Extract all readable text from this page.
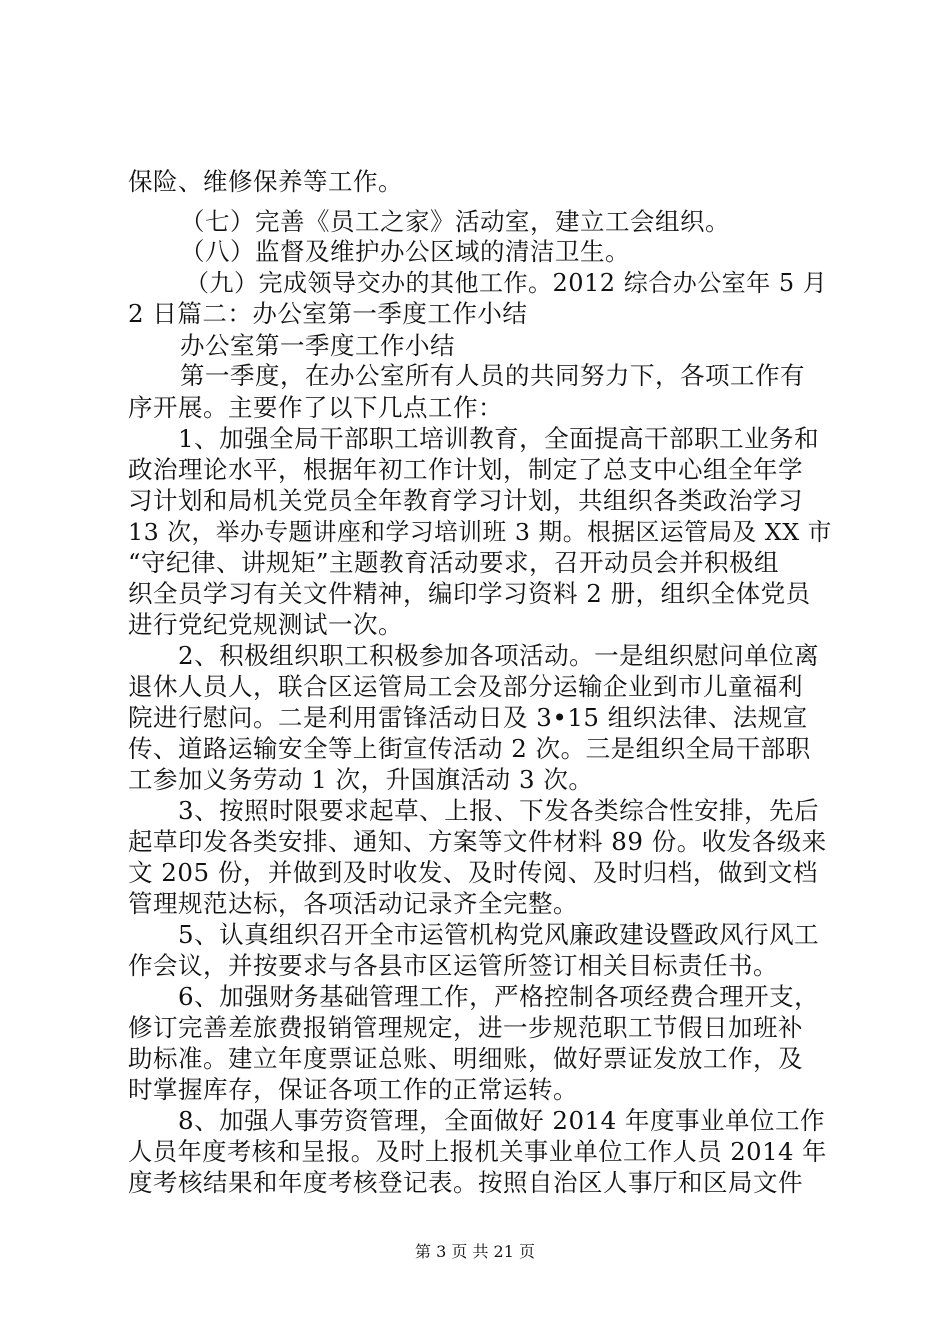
保险、维修保养等工作。
（七）完善《员工之家》活动室，建立工会组织。
（八）监督及维护办公区域的清洁卫生。
（九）完成领导交办的其他工作。2012 综合办公室年 5 月
2 日篇二：办公室第一季度工作小结
办公室第一季度工作小结
第一季度，在办公室所有人员的共同努力下，各项工作有
序开展。主要作了以下几点工作：
1、加强全局干部职工培训教育，全面提高干部职工业务和
政治理论水平，根据年初工作计划，制定了总支中心组全年学
习计划和局机关党员全年教育学习计划，共组织各类政治学习
13 次，举办专题讲座和学习培训班 3 期。根据区运管局及 XX 市
“守纪律、讲规矩”主题教育活动要求，召开动员会并积极组
织全员学习有关文件精神，编印学习资料 2 册，组织全体党员
进行党纪党规测试一次。
2、积极组织职工积极参加各项活动。一是组织慰问单位离
退休人员人，联合区运管局工会及部分运输企业到市儿童福利
院进行慰问。二是利用雷锋活动日及 3•15 组织法律、法规宣
传、道路运输安全等上街宣传活动 2 次。三是组织全局干部职
工参加义务劳动 1 次，升国旗活动 3 次。
3、按照时限要求起草、上报、下发各类综合性安排，先后
起草印发各类安排、通知、方案等文件材料 89 份。收发各级来
文 205 份，并做到及时收发、及时传阅、及时归档，做到文档
管理规范达标，各项活动记录齐全完整。
5、认真组织召开全市运管机构党风廉政建设暨政风行风工
作会议，并按要求与各县市区运管所签订相关目标责任书。
6、加强财务基础管理工作，严格控制各项经费合理开支，
修订完善差旅费报销管理规定，进一步规范职工节假日加班补
助标准。建立年度票证总账、明细账，做好票证发放工作，及
时掌握库存，保证各项工作的正常运转。
8、加强人事劳资管理，全面做好 2014 年度事业单位工作
人员年度考核和呈报。及时上报机关事业单位工作人员 2014 年
度考核结果和年度考核登记表。按照自治区人事厅和区局文件
第 3 页 共 21 页
